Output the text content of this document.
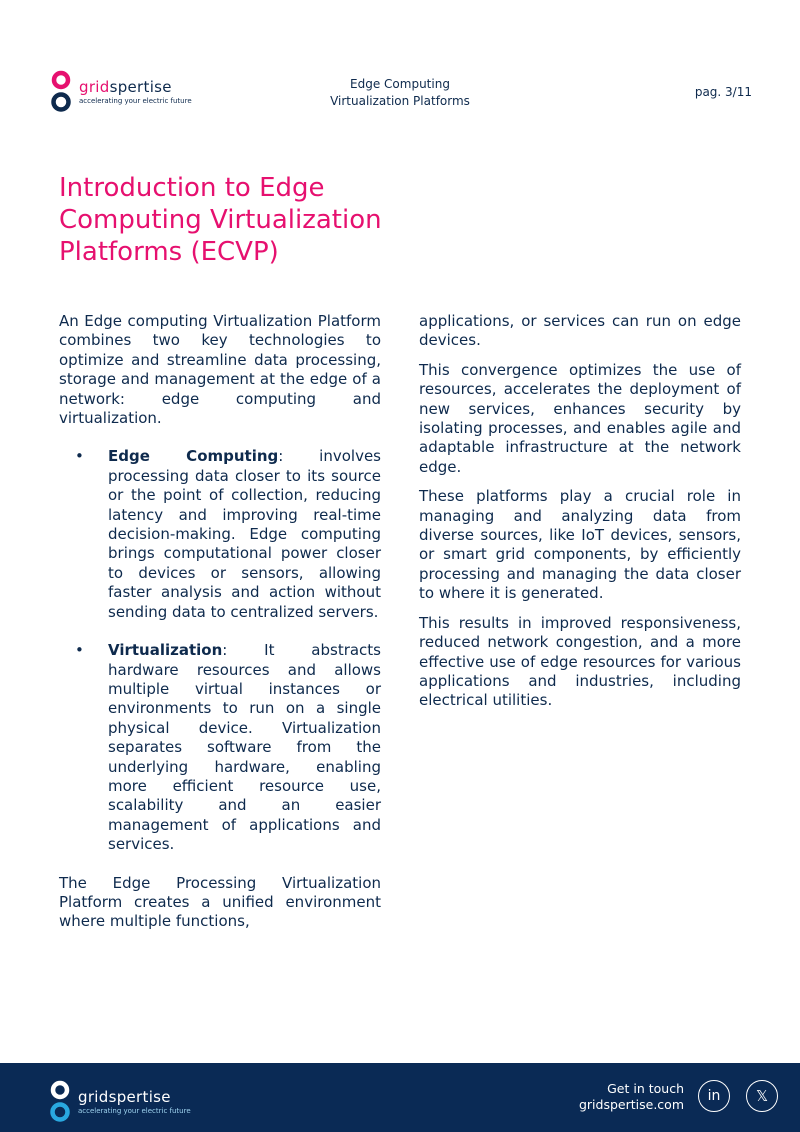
gridspertise
accelerating your electric future
Edge Computing
Virtualization Platforms
pag. 3/11
Introduction to Edge Computing Virtualization Platforms (ECVP)

An Edge computing Virtualization Platform combines two key technologies to optimize and streamline data processing, storage and management at the edge of a network: edge computing and virtualization.

• Edge Computing: involves processing data closer to its source or the point of collection, reducing latency and improving real-time decision-making. Edge computing brings computational power closer to devices or sensors, allowing faster analysis and action without sending data to centralized servers.
• Virtualization: It abstracts hardware resources and allows multiple virtual instances or environments to run on a single physical device. Virtualization separates software from the underlying hardware, enabling more efficient resource use, scalability and an easier management of applications and services.

The Edge Processing Virtualization Platform creates a unified environment where multiple functions,

applications, or services can run on edge devices.

This convergence optimizes the use of resources, accelerates the deployment of new services, enhances security by isolating processes, and enables agile and adaptable infrastructure at the network edge.

These platforms play a crucial role in managing and analyzing data from diverse sources, like IoT devices, sensors, or smart grid components, by efficiently processing and managing the data closer to where it is generated.

This results in improved responsiveness, reduced network congestion, and a more effective use of edge resources for various applications and industries, including electrical utilities.

gridspertise
accelerating your electric future
Get in touch
gridspertise.com
in	𝕏
